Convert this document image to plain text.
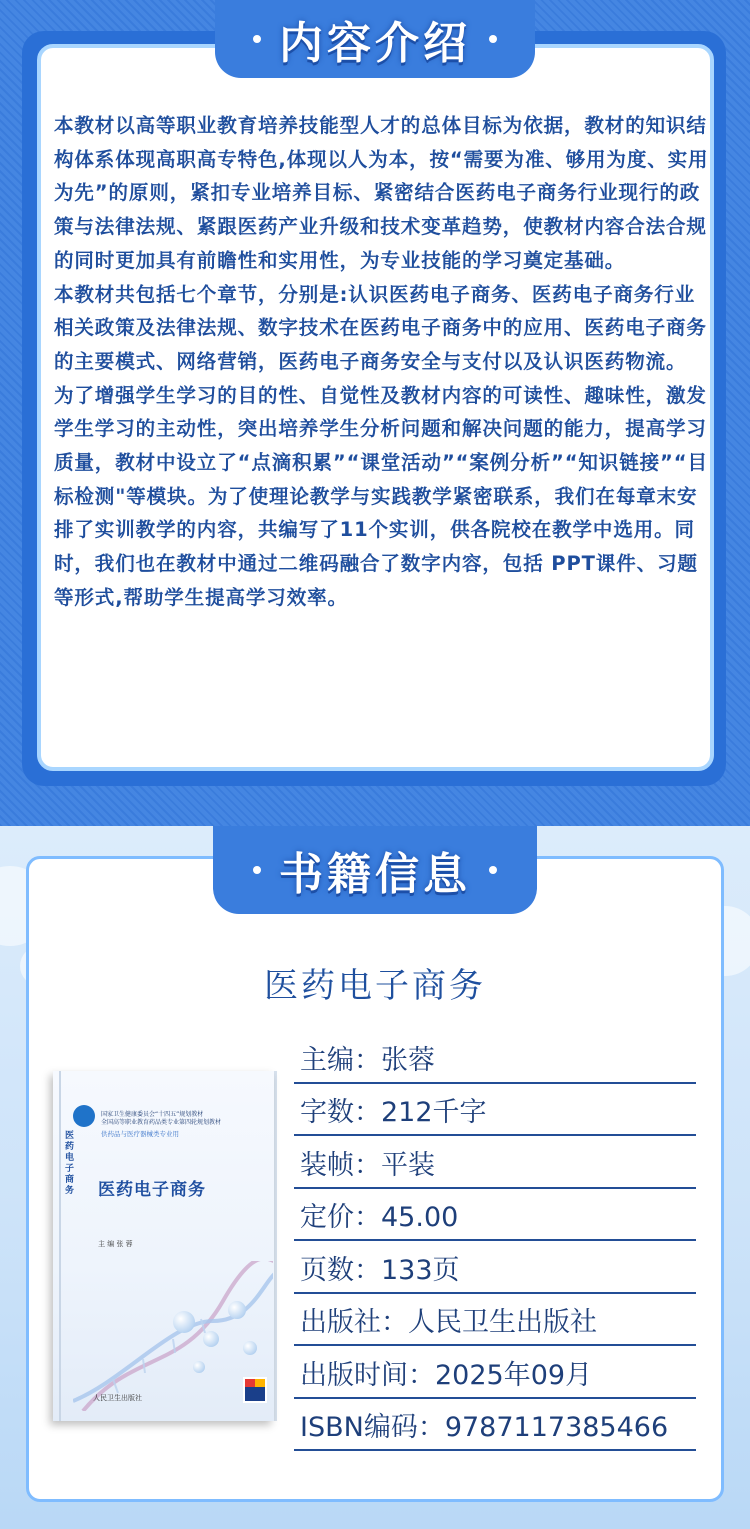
内容介绍

本教材以高等职业教育培养技能型人才的总体目标为依据，教材的知识结构体系体现高职高专特色,体现以人为本，按“需要为准、够用为度、实用为先”的原则，紧扣专业培养目标、紧密结合医药电子商务行业现行的政策与法律法规、紧跟医药产业升级和技术变革趋势，使教材内容合法合规的同时更加具有前瞻性和实用性，为专业技能的学习奠定基础。

本教材共包括七个章节，分别是:认识医药电子商务、医药电子商务行业相关政策及法律法规、数字技术在医药电子商务中的应用、医药电子商务的主要模式、网络营销，医药电子商务安全与支付以及认识医药物流。

为了增强学生学习的目的性、自觉性及教材内容的可读性、趣味性，激发学生学习的主动性，突出培养学生分析问题和解决问题的能力，提高学习质量，教材中设立了“点滴积累”“课堂活动”“案例分析”“知识链接”“目标检测"等模块。为了使理论教学与实践教学紧密联系，我们在每章末安排了实训教学的内容，共编写了11个实训，供各院校在教学中选用。同时，我们也在教材中通过二维码融合了数字内容，包括 PPT课件、习题等形式,帮助学生提高学习效率。

书籍信息
医药电子商务
主编：张蓉
字数：212千字
装帧：平装
定价：45.00
页数：133页
出版社：人民卫生出版社
出版时间：2025年09月
ISBN编码：9787117385466
国家卫生健康委员会“十四五”规划教材
全国高等职业教育药品类专业第四轮规划教材
供药品与医疗器械类专业用
医药电子商务 医药电子商务
主 编 张 蓉
人民卫生出版社
